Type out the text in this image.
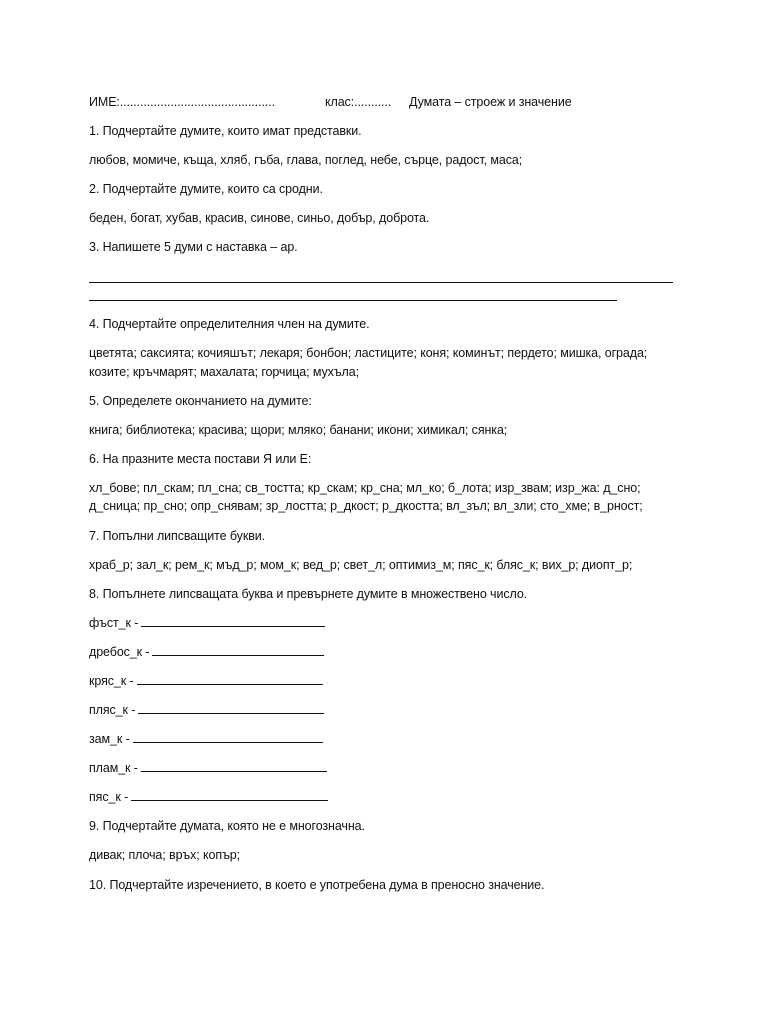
ИМЕ:..............................................	клас:........... Думата – строеж и значение
1. Подчертайте думите, които имат представки.
любов, момиче, къща, хляб, гъба, глава, поглед, небе, сърце, радост, маса;
2. Подчертайте думите, които са сродни.
беден, богат, хубав, красив, синове, синьо, добър, доброта.
3. Напишете 5 думи с наставка – ар.
4. Подчертайте определителния член на думите.
цветята; саксията; кочияшът; лекаря; бонбон; ластиците; коня; коминът; пердето; мишка, ограда;
козите; кръчмарят; махалата; горчица; мухъла;
5. Определете окончанието на думите:
книга; библиотека; красива; щори; мляко; банани; икони; химикал; сянка;
6. На празните места постави Я или Е:
хл_бове; пл_скам; пл_сна; св_тостта; кр_скам; кр_сна; мл_ко; б_лота; изр_звам; изр_жа: д_сно;
д_сница; пр_сно; опр_снявам; зр_лостта; р_дкост; р_дкостта; вл_зъл; вл_зли; сто_хме; в_рност;
7. Попълни липсващите букви.
храб_р; зал_к; рем_к; мъд_р; мом_к; вед_р; свет_л; оптимиз_м; пяс_к; бляс_к; вих_р; диопт_р;
8. Попълнете липсващата буква и превърнете думите в множествено число.
фъст_к -
дребос_к -
кряс_к -
пляс_к -
зам_к -
плам_к -
пяс_к -
9. Подчертайте думата, която не е многозначна.
дивак; плоча; връх; копър;
10. Подчертайте изречението, в което е употребена дума в преносно значение.
